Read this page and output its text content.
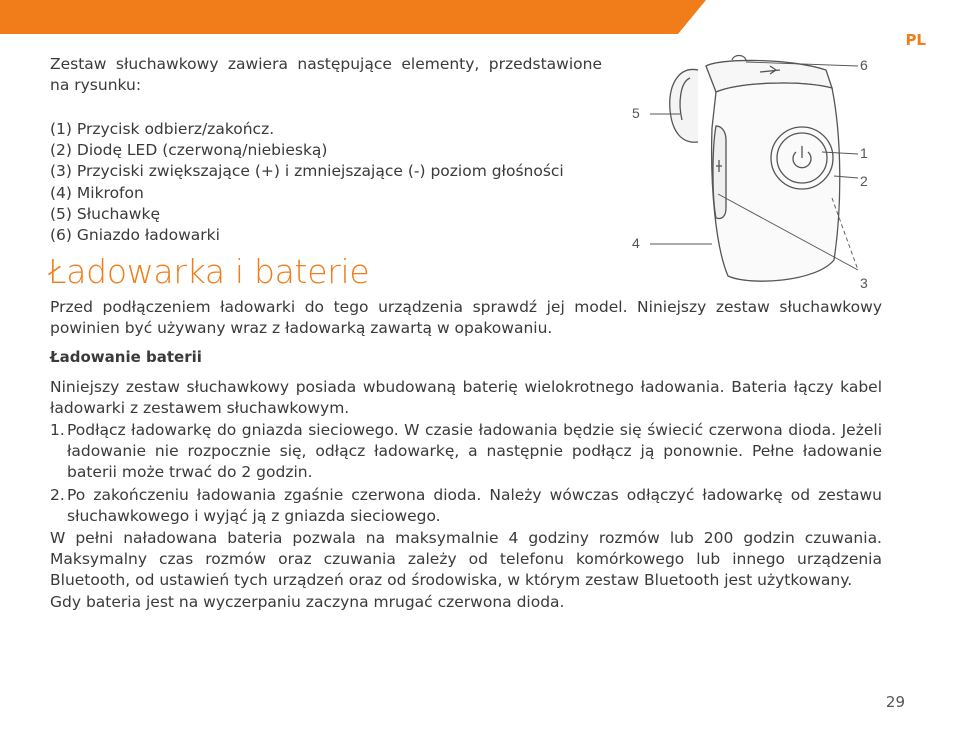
PL
Zestaw słuchawkowy zawiera następujące elementy, przedstawione na rysunku:
(1) Przycisk odbierz/zakończ.
(2) Diodę LED (czerwoną/niebieską)
(3) Przyciski zwiększające (+) i zmniejszające (-) poziom głośności
(4) Mikrofon
(5) Słuchawkę
(6) Gniazdo ładowarki
6
1
2
3
4
5
Ładowarka i baterie
Przed podłączeniem ładowarki do tego urządzenia sprawdź jej model. Niniejszy zestaw słuchawkowy powinien być używany wraz z ładowarką zawartą w opakowaniu.
Ładowanie baterii
Niniejszy zestaw słuchawkowy posiada wbudowaną baterię wielokrotnego ładowania. Bateria łączy kabel ładowarki z zestawem słuchawkowym.
1. Podłącz ładowarkę do gniazda sieciowego. W czasie ładowania będzie się świecić czerwona dioda. Jeżeli ładowanie nie rozpocznie się, odłącz ładowarkę, a następnie podłącz ją ponownie. Pełne ładowanie baterii może trwać do 2 godzin.
2. Po zakończeniu ładowania zgaśnie czerwona dioda. Należy wówczas odłączyć ładowarkę od zestawu słuchawkowego i wyjąć ją z gniazda sieciowego.
W pełni naładowana bateria pozwala na maksymalnie 4 godziny rozmów lub 200 godzin czuwania. Maksymalny czas rozmów oraz czuwania zależy od telefonu komórkowego lub innego urządzenia Bluetooth, od ustawień tych urządzeń oraz od środowiska, w którym zestaw Bluetooth jest użytkowany.
Gdy bateria jest na wyczerpaniu zaczyna mrugać czerwona dioda.
29
